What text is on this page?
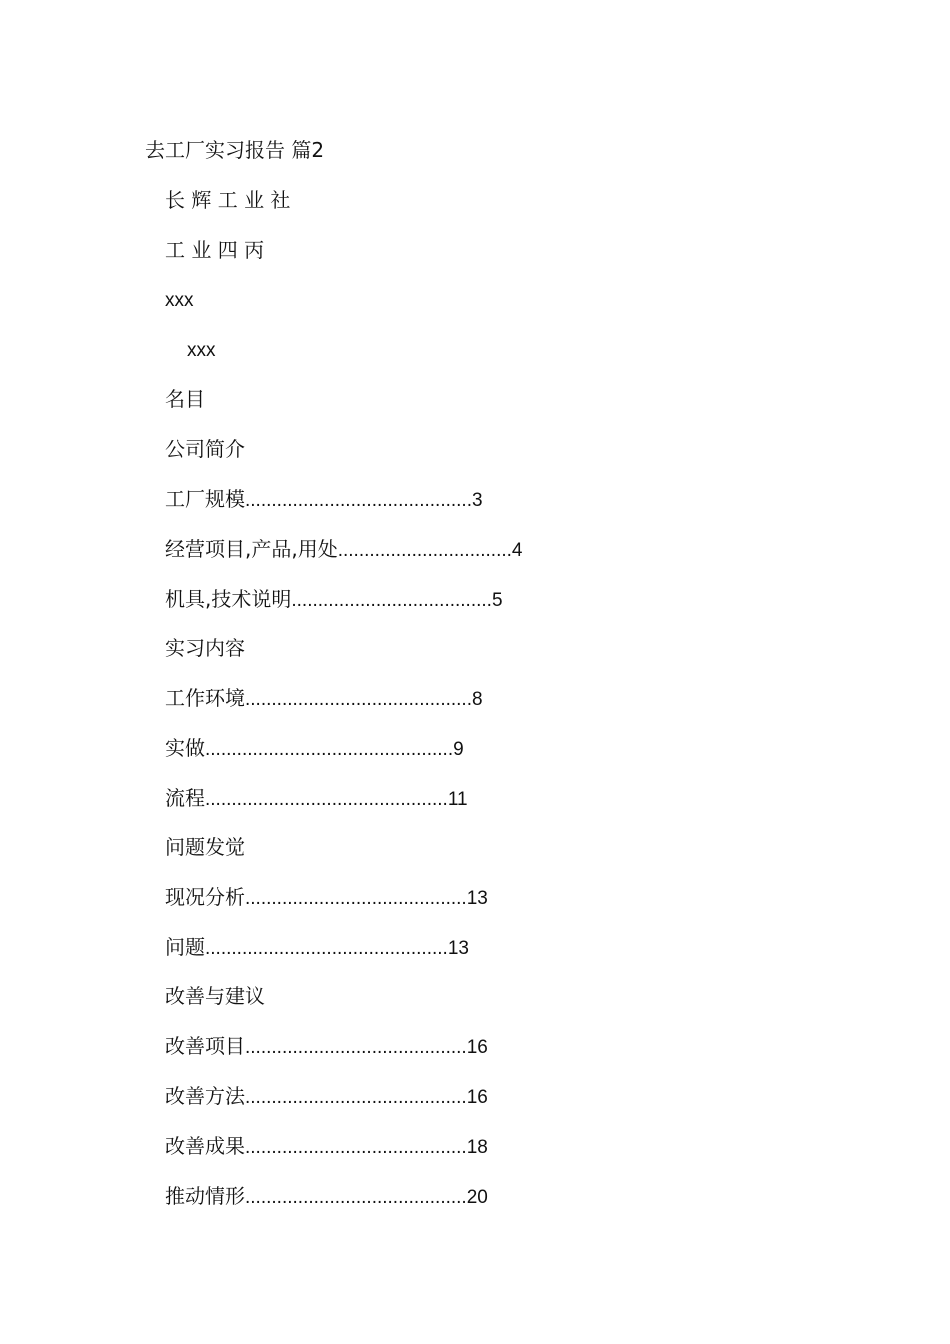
去工厂实习报告 篇2
长 辉 工 业 社
工 业 四 丙
xxx
xxx
名目
公司简介
工厂规模...........................................3
经营项目,产品,用处.................................4
机具,技术说明......................................5
实习内容
工作环境...........................................8
实做...............................................9
流程..............................................11
问题发觉
现况分析..........................................13
问题..............................................13
改善与建议
改善项目..........................................16
改善方法..........................................16
改善成果..........................................18
推动情形..........................................20
